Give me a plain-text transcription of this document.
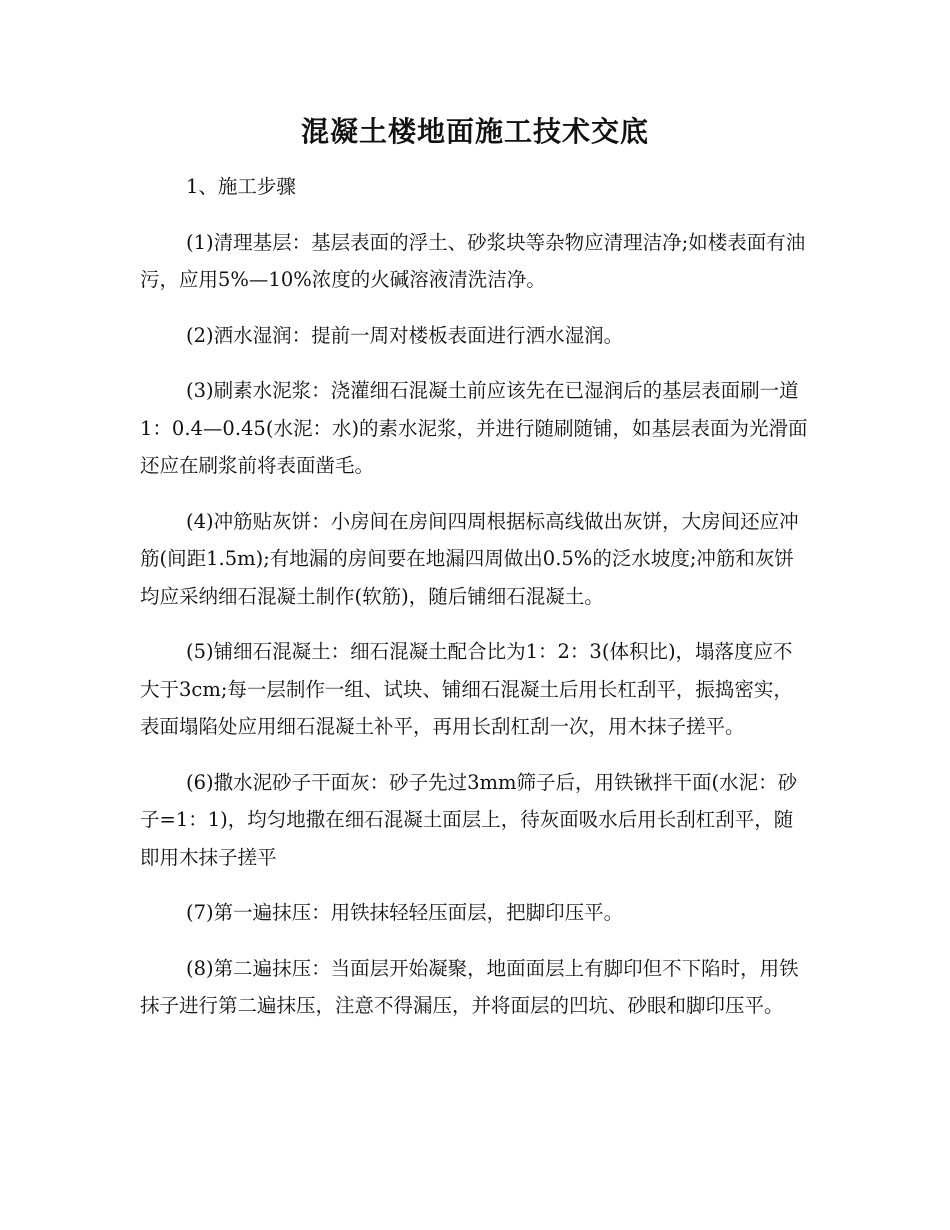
混凝土楼地面施工技术交底

1、施工步骤

(1)清理基层：基层表面的浮土、砂浆块等杂物应清理洁净;如楼表面有油污，应用5%—10%浓度的火碱溶液清洗洁净。

(2)洒水湿润：提前一周对楼板表面进行洒水湿润。

(3)刷素水泥浆：浇灌细石混凝土前应该先在已湿润后的基层表面刷一道1：0.4—0.45(水泥：水)的素水泥浆，并进行随刷随铺，如基层表面为光滑面还应在刷浆前将表面凿毛。

(4)冲筋贴灰饼：小房间在房间四周根据标高线做出灰饼，大房间还应冲筋(间距1.5m);有地漏的房间要在地漏四周做出0.5%的泛水坡度;冲筋和灰饼均应采纳细石混凝土制作(软筋)，随后铺细石混凝土。

(5)铺细石混凝土：细石混凝土配合比为1：2：3(体积比)，塌落度应不大于3cm;每一层制作一组、试块、铺细石混凝土后用长杠刮平，振捣密实，表面塌陷处应用细石混凝土补平，再用长刮杠刮一次，用木抹子搓平。

(6)撒水泥砂子干面灰：砂子先过3mm筛子后，用铁锹拌干面(水泥：砂子=1：1)，均匀地撒在细石混凝土面层上，待灰面吸水后用长刮杠刮平，随即用木抹子搓平

(7)第一遍抹压：用铁抹轻轻压面层，把脚印压平。

(8)第二遍抹压：当面层开始凝聚，地面面层上有脚印但不下陷时，用铁抹子进行第二遍抹压，注意不得漏压，并将面层的凹坑、砂眼和脚印压平。
